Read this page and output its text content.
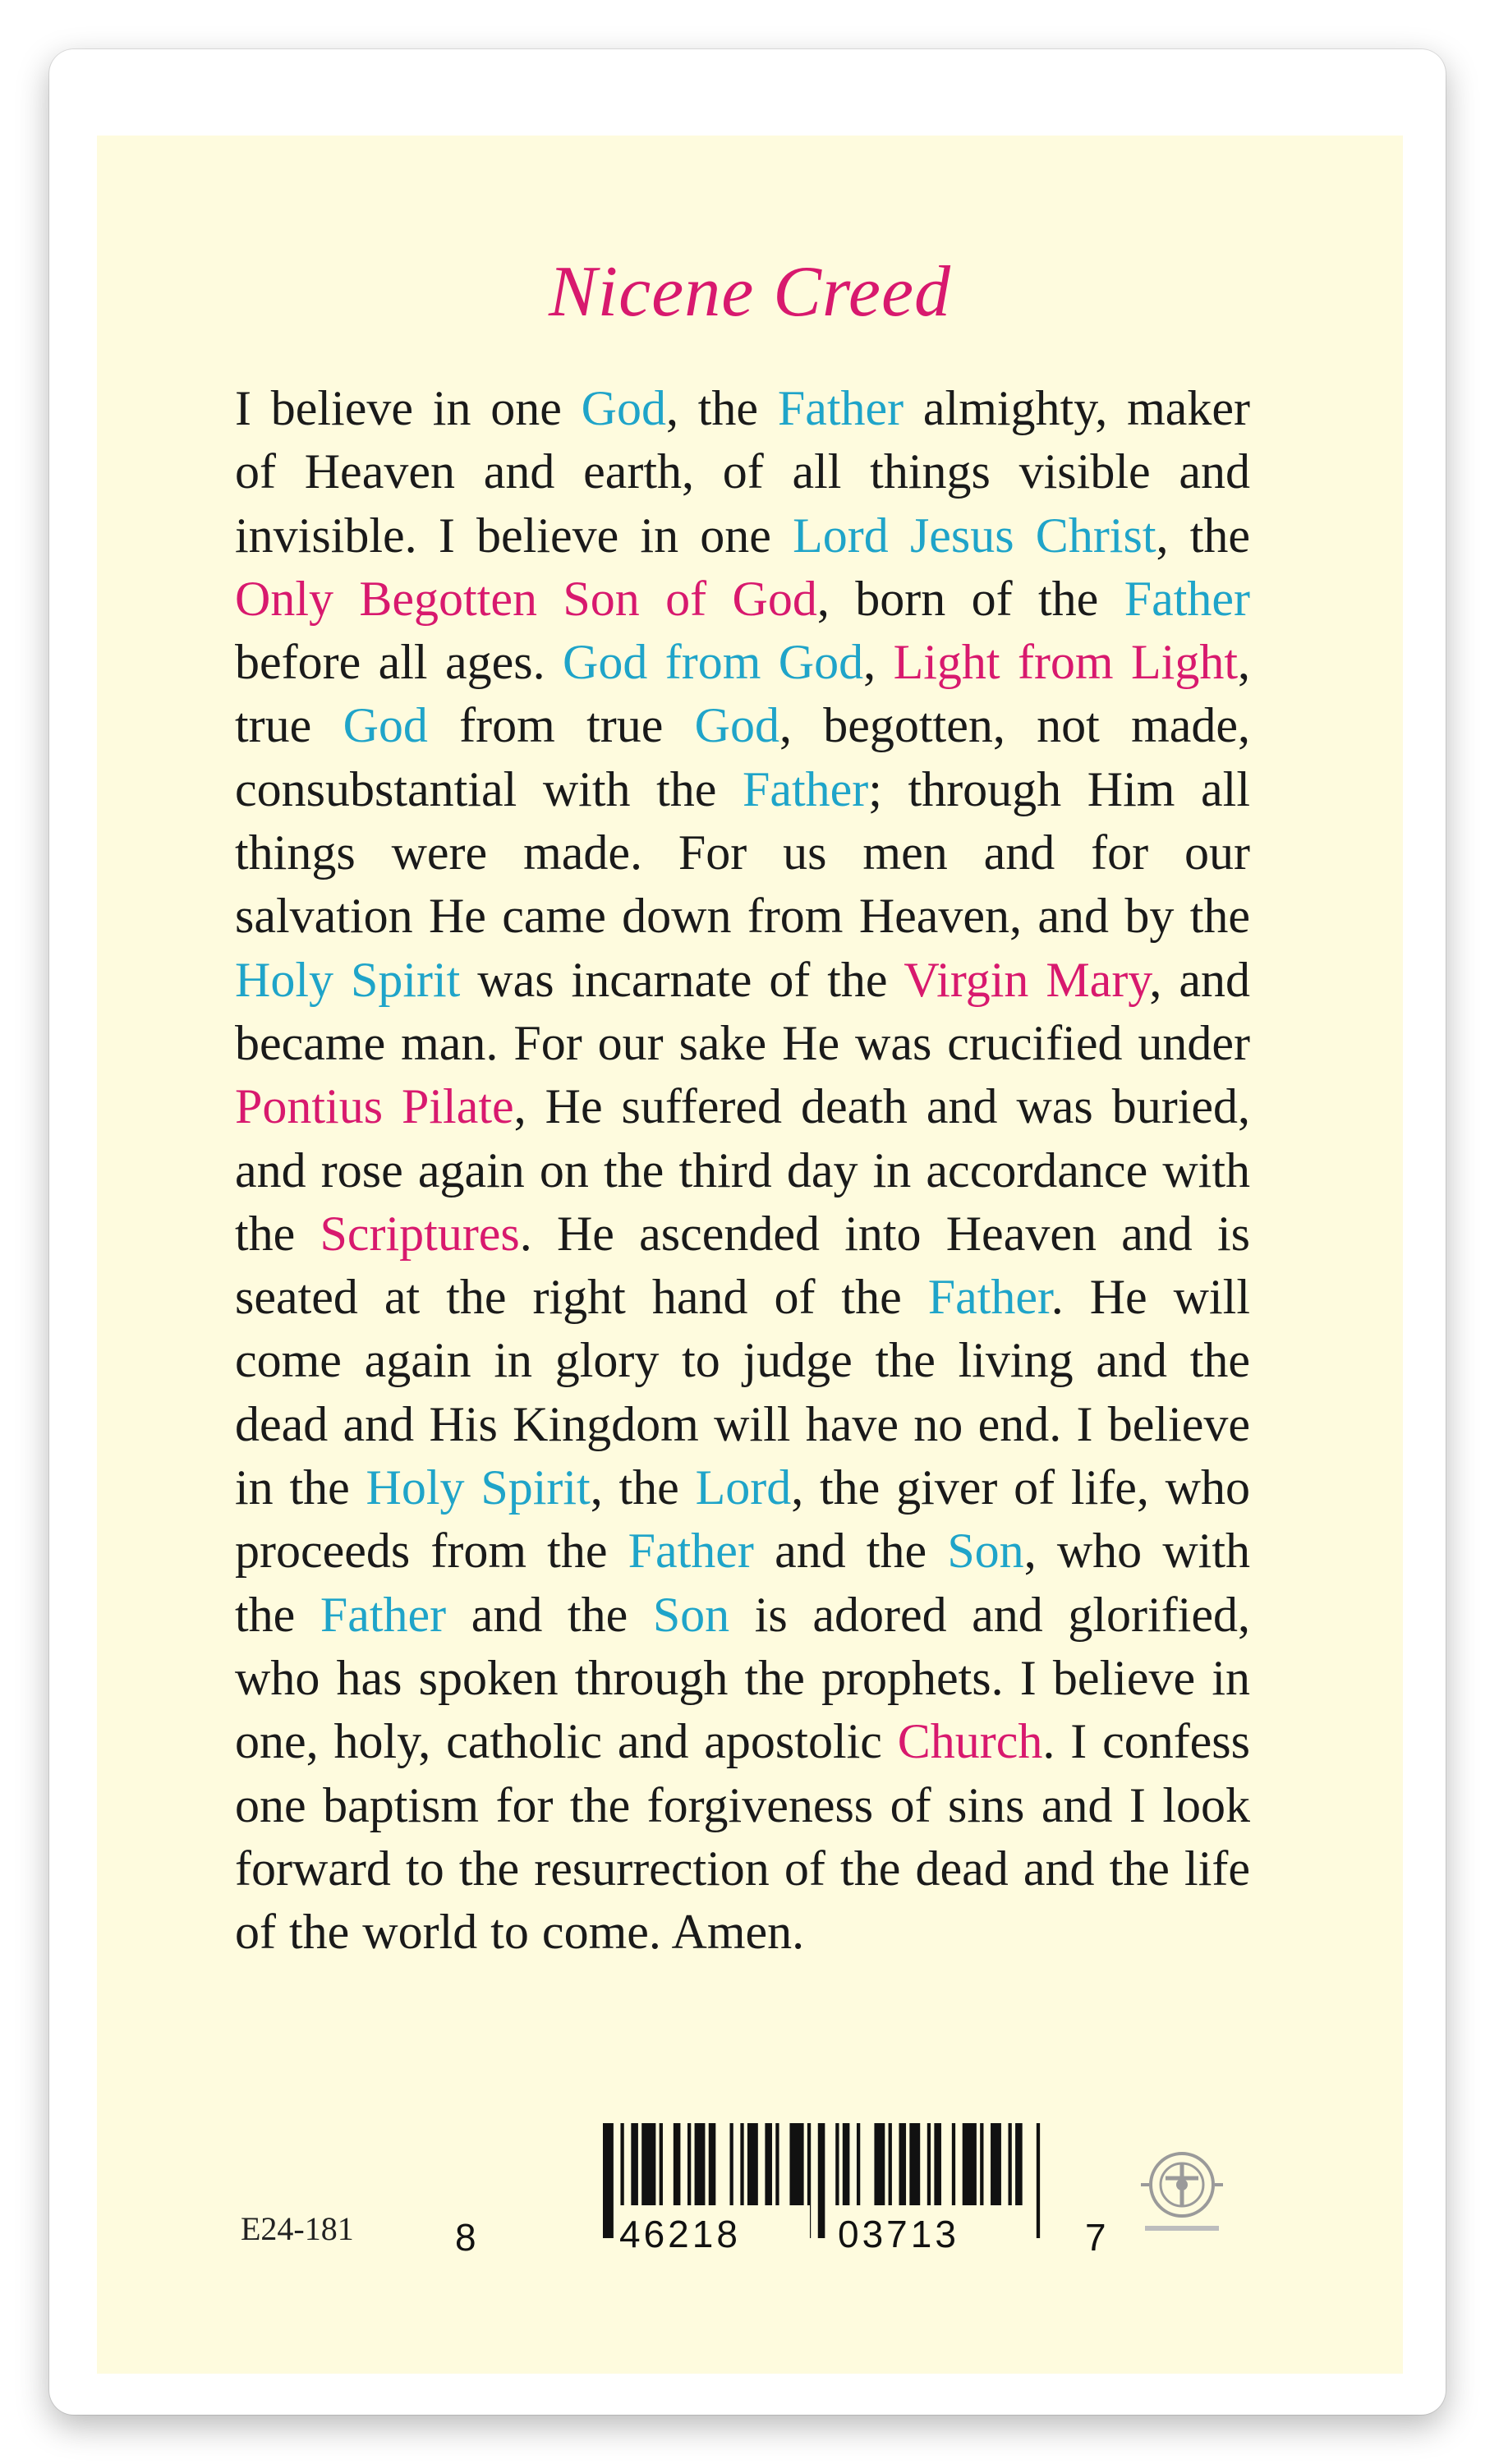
Nicene Creed
I believe in one God, the Father almighty, maker of Heaven and earth, of all things visible and invisible. I believe in one Lord Jesus Christ, the Only Begotten Son of God, born of the Father before all ages. God from God, Light from Light, true God from true God, begotten, not made, consubstantial with the Father; through Him all things were made. For us men and for our salvation He came down from Heaven, and by the Holy Spirit was incarnate of the Virgin Mary, and became man. For our sake He was crucified under Pontius Pilate, He suffered death and was buried, and rose again on the third day in accordance with the Scriptures. He ascended into Heaven and is seated at the right hand of the Father. He will come again in glory to judge the living and the dead and His Kingdom will have no end. I believe in the Holy Spirit, the Lord, the giver of life, who proceeds from the Father and the Son, who with the Father and the Son is adored and glorified, who has spoken through the prophets. I believe in one, holy, catholic and apostolic Church. I confess one baptism for the forgiveness of sins and I look forward to the resurrection of the dead and the life of the world to come. Amen.
E24-181	8	46218	03713	7
